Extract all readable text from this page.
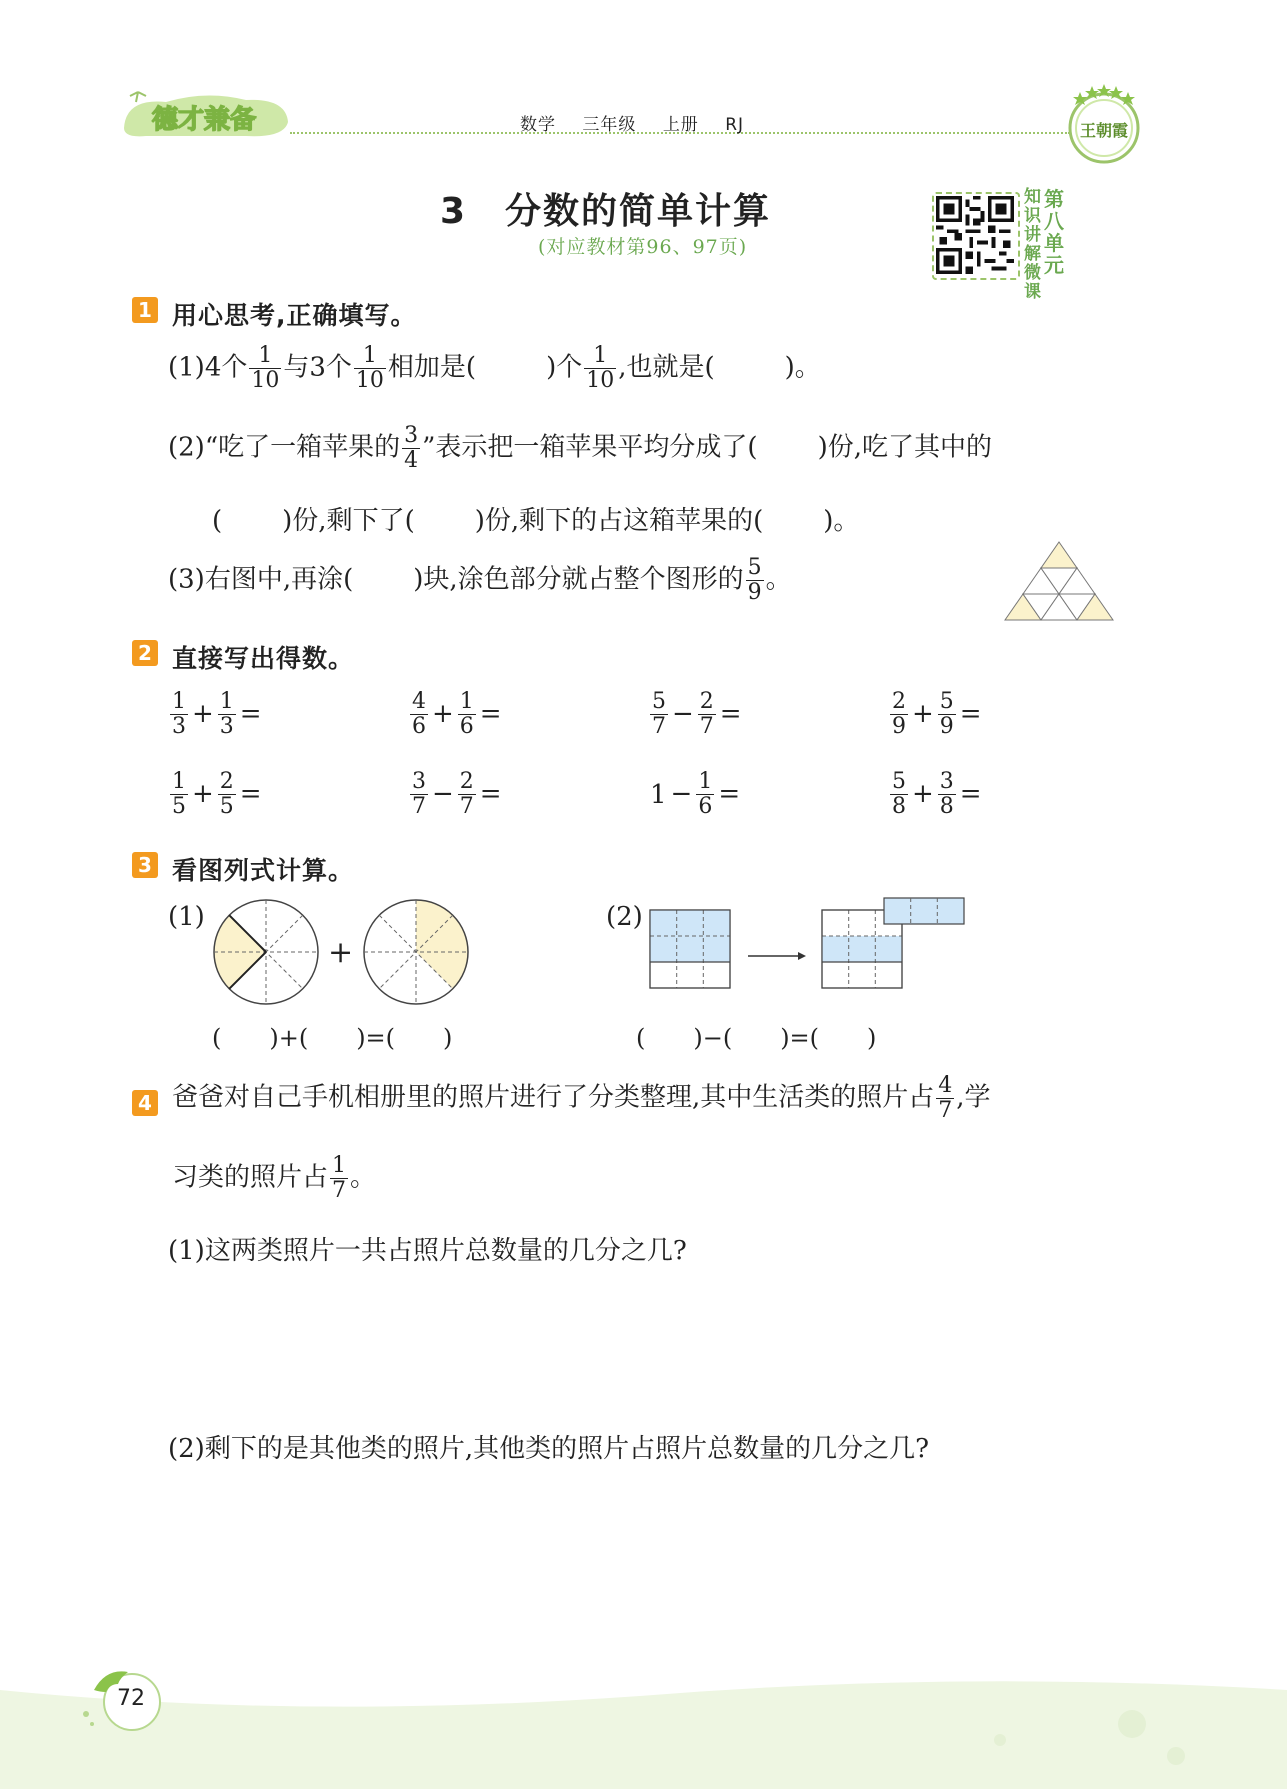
德才兼备	数学 三年级 上册 RJ	王朝霞
3　分数的简单计算
(对应教材第96、97页)
知识讲解微课
第八单元
1 用心思考,正确填写。
(1)4个 $\frac{1}{10}$ 与3个 $\frac{1}{10}$ 相加是(	)个 $\frac{1}{10}$ ,也就是(	)。
(2)“吃了一箱苹果的 $\frac{3}{4}$ ”表示把一箱苹果平均分成了( )份,吃了其中的
( )份,剩下了( )份,剩下的占这箱苹果的( )。
(3)右图中,再涂( )块,涂色部分就占整个图形的 $\frac{5}{9}$ 。
2 直接写出得数。
$\frac{1}{3} + \frac{1}{3}$ =	$\frac{4}{6} + \frac{1}{6}$ =	$\frac{5}{7} - \frac{2}{7}$ =	$\frac{2}{9} + \frac{5}{9}$ =
$\frac{1}{5} + \frac{2}{5}$ =	$\frac{3}{7} - \frac{2}{7}$ =	$1 - \frac{1}{6}$ =	$\frac{5}{8} + \frac{3}{8}$ =
3 看图列式计算。
(1)
+
(2)
(　　)+(　　)=(　　)	(　　)−(　　)=(　　)
4 爸爸对自己手机相册里的照片进行了分类整理,其中生活类的照片占 $\frac{4}{7}$ ,学
习类的照片占 $\frac{1}{7}$ 。
(1)这两类照片一共占照片总数量的几分之几?
(2)剩下的是其他类的照片,其他类的照片占照片总数量的几分之几?
72
